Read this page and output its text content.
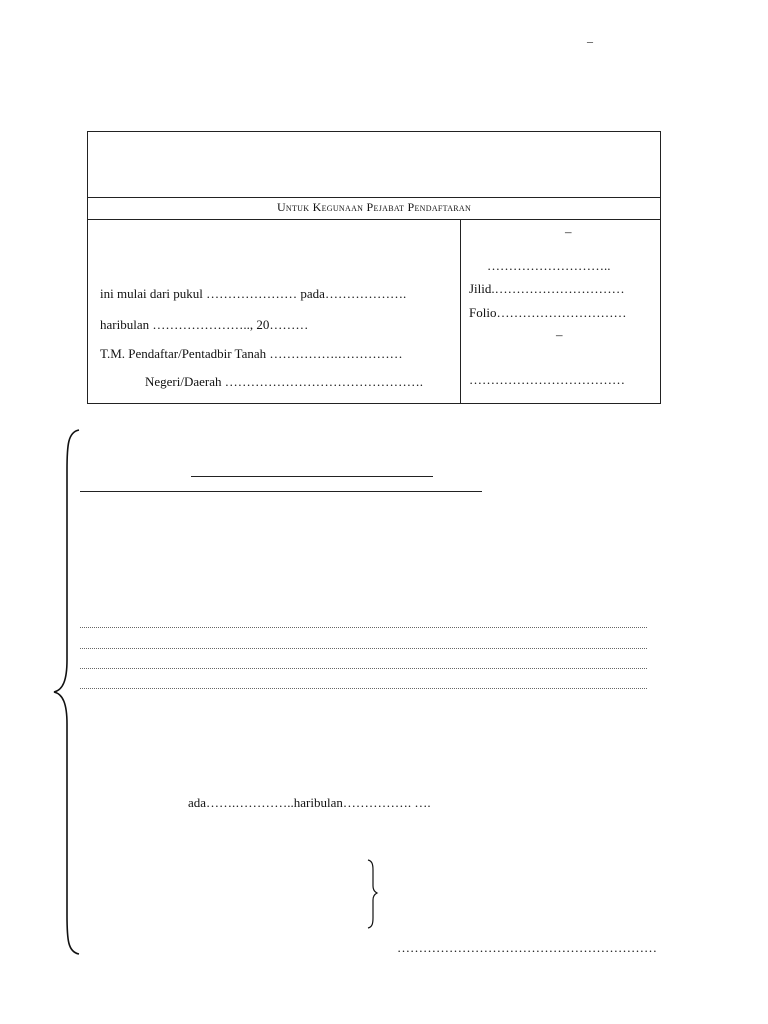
–
Untuk Kegunaan Pejabat Pendaftaran
ini mulai dari pukul ………………… pada……………….
haribulan ………………….., 20………
T.M. Pendaftar/Pentadbir Tanah …………….……………
Negeri/Daerah ……………………………………….
–
………………………..
Jilid.…………………………
Folio…………………………
–
………………………………
ada…….…………..haribulan……………. ….
……………………………………………………
